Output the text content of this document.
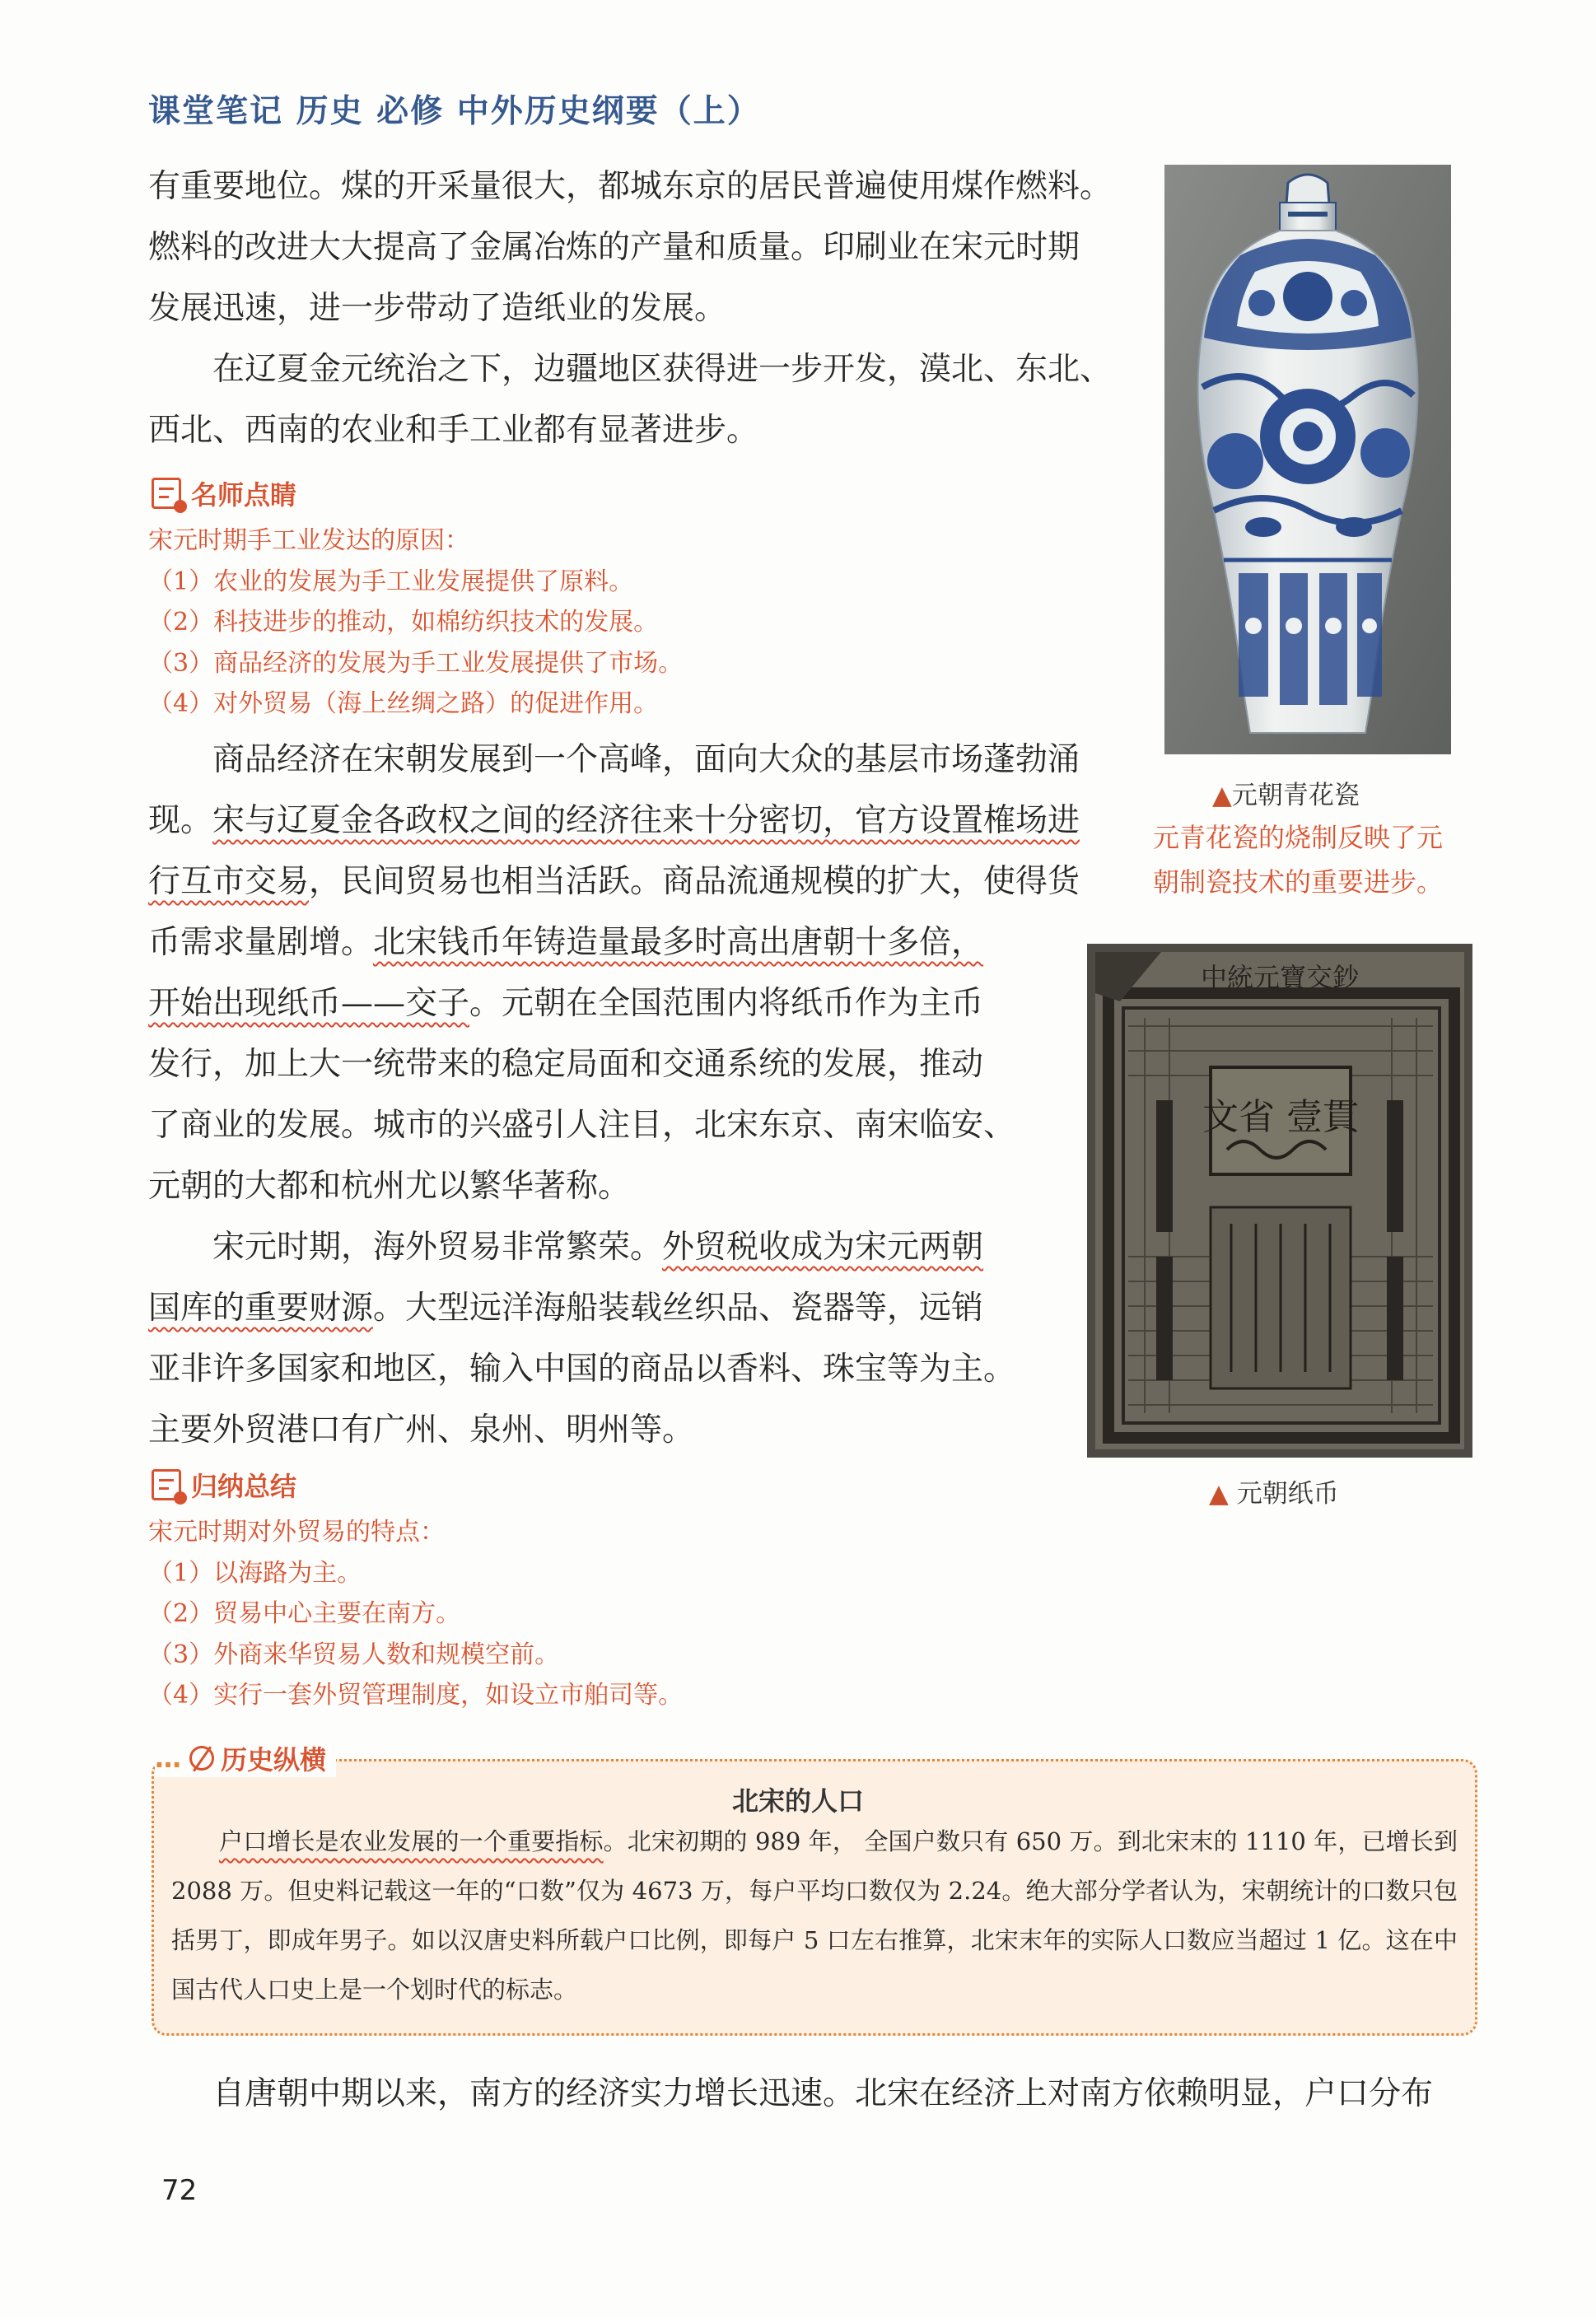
课堂笔记 历史 必修 中外历史纲要（上）

有重要地位。煤的开采量很大，都城东京的居民普遍使用煤作燃料。

燃料的改进大大提高了金属冶炼的产量和质量。印刷业在宋元时期

发展迅速，进一步带动了造纸业的发展。

在辽夏金元统治之下，边疆地区获得进一步开发，漠北、东北、

西北、西南的农业和手工业都有显著进步。

名师点睛
宋元时期手工业发达的原因：
（1）农业的发展为手工业发展提供了原料。
（2）科技进步的推动，如棉纺织技术的发展。
（3）商品经济的发展为手工业发展提供了市场。
（4）对外贸易（海上丝绸之路）的促进作用。

商品经济在宋朝发展到一个高峰，面向大众的基层市场蓬勃涌

现。宋与辽夏金各政权之间的经济往来十分密切，官方设置榷场进

行互市交易，民间贸易也相当活跃。商品流通规模的扩大，使得货

币需求量剧增。北宋钱币年铸造量最多时高出唐朝十多倍，

开始出现纸币——交子。元朝在全国范围内将纸币作为主币

发行，加上大一统带来的稳定局面和交通系统的发展，推动

了商业的发展。城市的兴盛引人注目，北宋东京、南宋临安、

元朝的大都和杭州尤以繁华著称。

宋元时期，海外贸易非常繁荣。外贸税收成为宋元两朝

国库的重要财源。大型远洋海船装载丝织品、瓷器等，远销

亚非许多国家和地区，输入中国的商品以香料、珠宝等为主。

主要外贸港口有广州、泉州、明州等。

归纳总结
宋元时期对外贸易的特点：
（1）以海路为主。
（2）贸易中心主要在南方。
（3）外商来华贸易人数和规模空前。
（4）实行一套外贸管理制度，如设立市舶司等。
▲元朝青花瓷
元青花瓷的烧制反映了元
朝制瓷技术的重要进步。
中統元寶交鈔
文省 壹貫
▲ 元朝纸币
… 历史纵横
北宋的人口

户口增长是农业发展的一个重要指标。北宋初期的 989 年， 全国户数只有 650 万。到北宋末的 1110 年，已增长到 2088 万。但史料记载这一年的“口数”仅为 4673 万，每户平均口数仅为 2.24。绝大部分学者认为，宋朝统计的口数只包括男丁，即成年男子。如以汉唐史料所载户口比例，即每户 5 口左右推算，北宋末年的实际人口数应当超过 1 亿。这在中国古代人口史上是一个划时代的标志。

自唐朝中期以来，南方的经济实力增长迅速。北宋在经济上对南方依赖明显，户口分布

72
